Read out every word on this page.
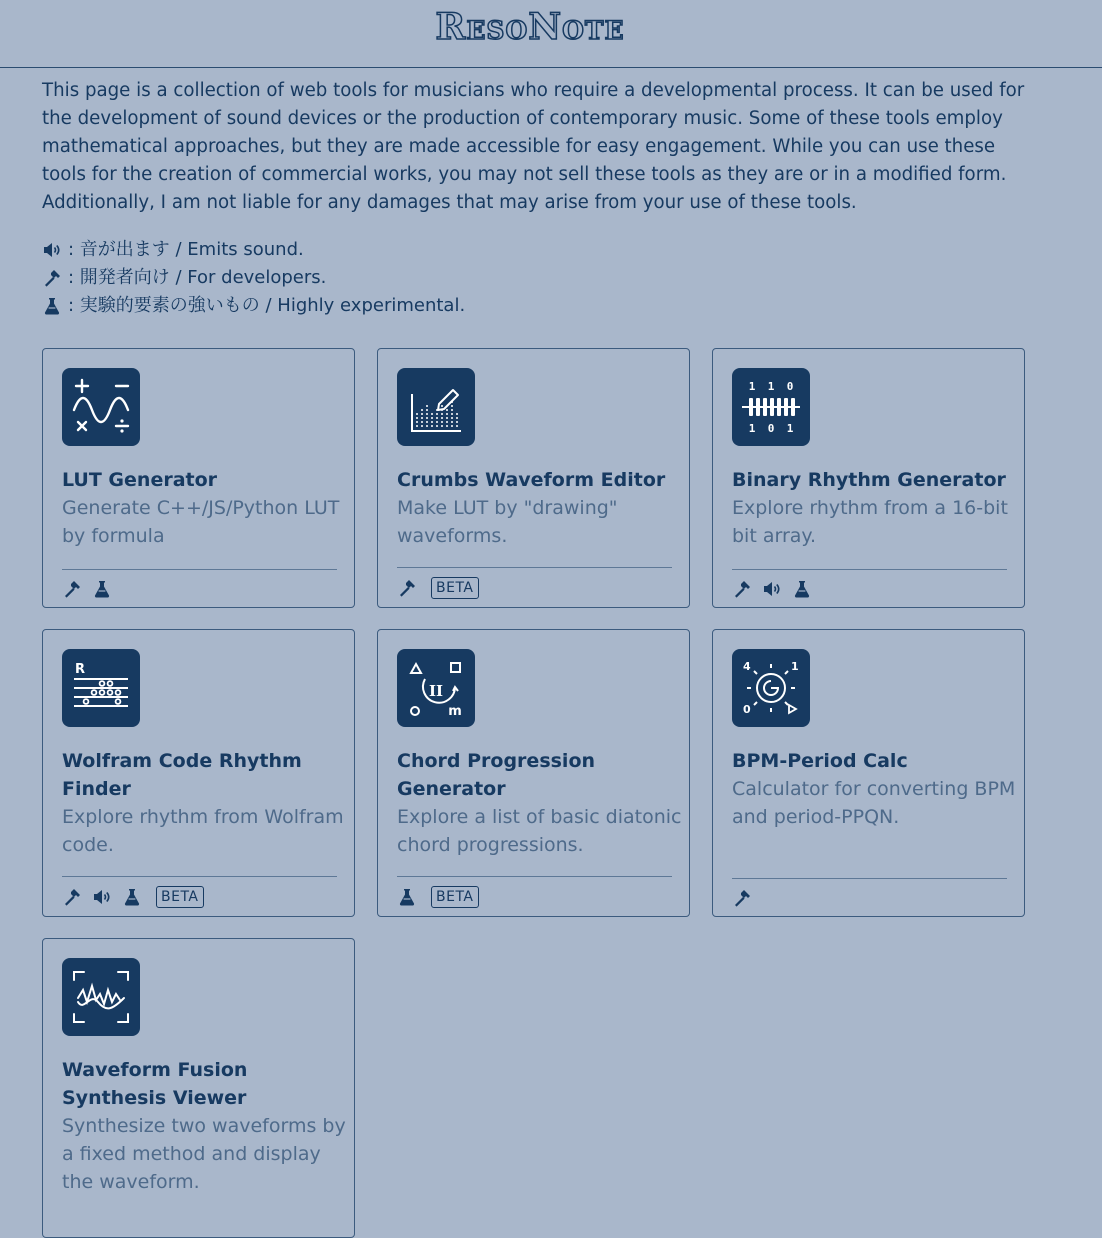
ResoNote

This page is a collection of web tools for musicians who require a developmental process. It can be used for the development of sound devices or the production of contemporary music. Some of these tools employ mathematical approaches, but they are made accessible for easy engagement. While you can use these tools for the creation of commercial works, you may not sell these tools as they are or in a modified form. Additionally, I am not liable for any damages that may arise from your use of these tools.

: 音が出ます / Emits sound.
: 開発者向け / For developers.
: 実験的要素の強いもの / Highly experimental.
LUT Generator
Generate C++/JS/Python LUT by formula
Crumbs Waveform Editor
Make LUT by "drawing" waveforms.
BETA
1 1 0
1 0 1
Binary Rhythm Generator
Explore rhythm from a 16-bit bit array.
R
Wolfram Code Rhythm Finder
Explore rhythm from Wolfram code.
BETA
II
m
Chord Progression Generator
Explore a list of basic diatonic chord progressions.
BETA
4	1
0
BPM-Period Calc
Calculator for converting BPM and period-PPQN.
Waveform Fusion Synthesis Viewer
Synthesize two waveforms by a fixed method and display the waveform.
